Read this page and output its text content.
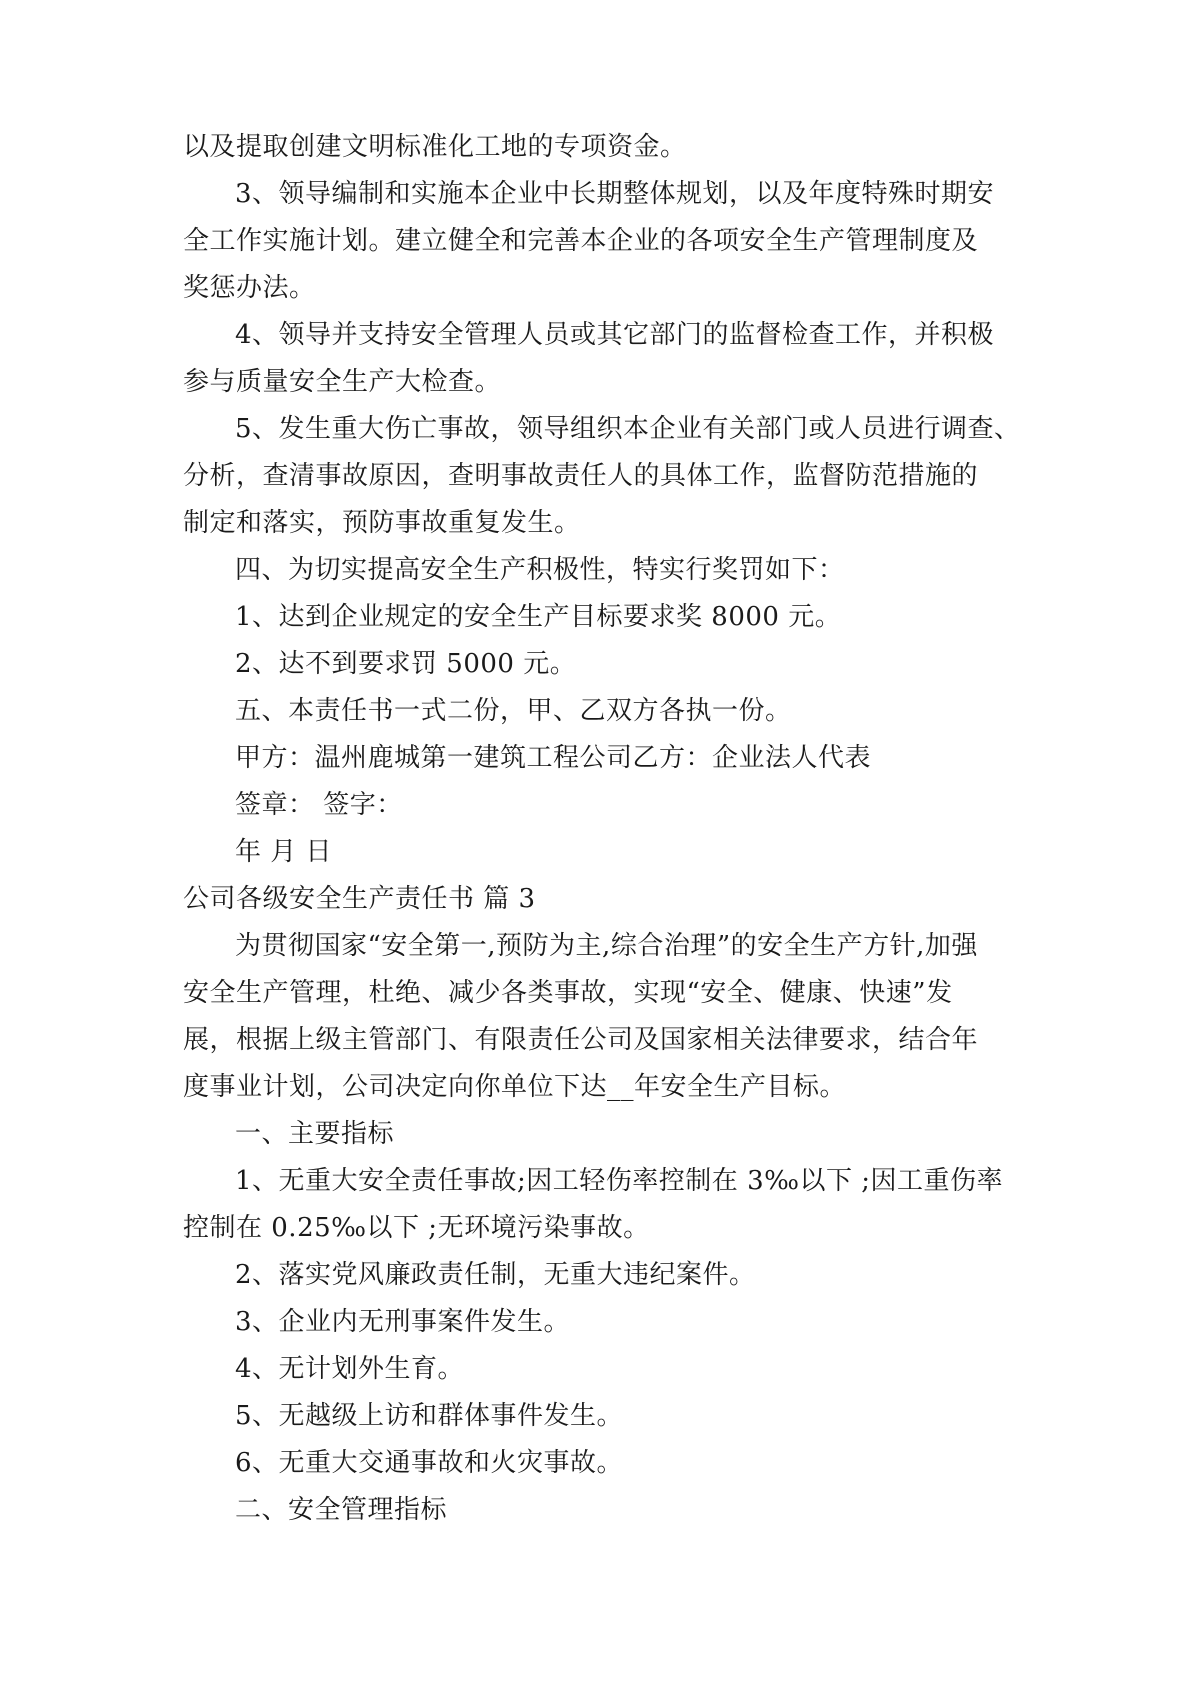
以及提取创建文明标准化工地的专项资金。
3、领导编制和实施本企业中长期整体规划，以及年度特殊时期安
全工作实施计划。建立健全和完善本企业的各项安全生产管理制度及
奖惩办法。
4、领导并支持安全管理人员或其它部门的监督检查工作，并积极
参与质量安全生产大检查。
5、发生重大伤亡事故，领导组织本企业有关部门或人员进行调查、
分析，查清事故原因，查明事故责任人的具体工作，监督防范措施的
制定和落实，预防事故重复发生。
四、为切实提高安全生产积极性，特实行奖罚如下：
1、达到企业规定的安全生产目标要求奖 8000 元。
2、达不到要求罚 5000 元。
五、本责任书一式二份，甲、乙双方各执一份。
甲方：温州鹿城第一建筑工程公司乙方：企业法人代表
签章： 签字：
年 月 日
公司各级安全生产责任书 篇 3
为贯彻国家“安全第一,预防为主,综合治理”的安全生产方针,加强
安全生产管理，杜绝、减少各类事故，实现“安全、健康、快速”发
展，根据上级主管部门、有限责任公司及国家相关法律要求，结合年
度事业计划，公司决定向你单位下达__年安全生产目标。
一、主要指标
1、无重大安全责任事故;因工轻伤率控制在 3‰以下 ;因工重伤率
控制在 0.25‰以下 ;无环境污染事故。
2、落实党风廉政责任制，无重大违纪案件。
3、企业内无刑事案件发生。
4、无计划外生育。
5、无越级上访和群体事件发生。
6、无重大交通事故和火灾事故。
二、安全管理指标
